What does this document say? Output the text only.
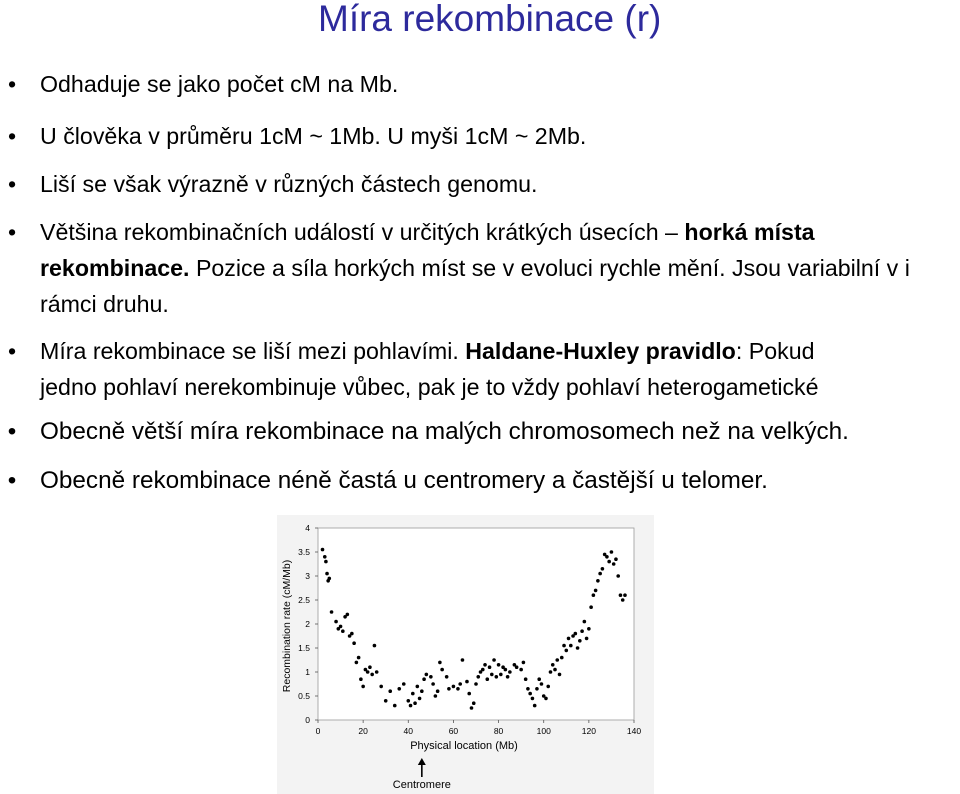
Míra rekombinace (r)
• Odhaduje se jako počet cM na Mb.
• U člověka v průměru 1cM ~ 1Mb. U myši 1cM ~ 2Mb.
• Liší se však výrazně v různých částech genomu.
• Většina rekombinačních událostí v určitých krátkých úsecích – horká místa rekombinace. Pozice a síla horkých míst se v evoluci rychle mění. Jsou variabilní v i rámci druhu.
• Míra rekombinace se liší mezi pohlavími. Haldane-Huxley pravidlo: Pokud
jedno pohlaví nerekombinuje vůbec, pak je to vždy pohlaví heterogametické
• Obecně větší míra rekombinace na malých chromosomech než na velkých.
• Obecně rekombinace néně častá u centromery a častější u telomer.
0
0.5
1
1.5
2
2.5
3
3.5
4
0	20	40	60	80	100	120	140
Physical location (Mb)
Recombination rate (cM/Mb)
Centromere
